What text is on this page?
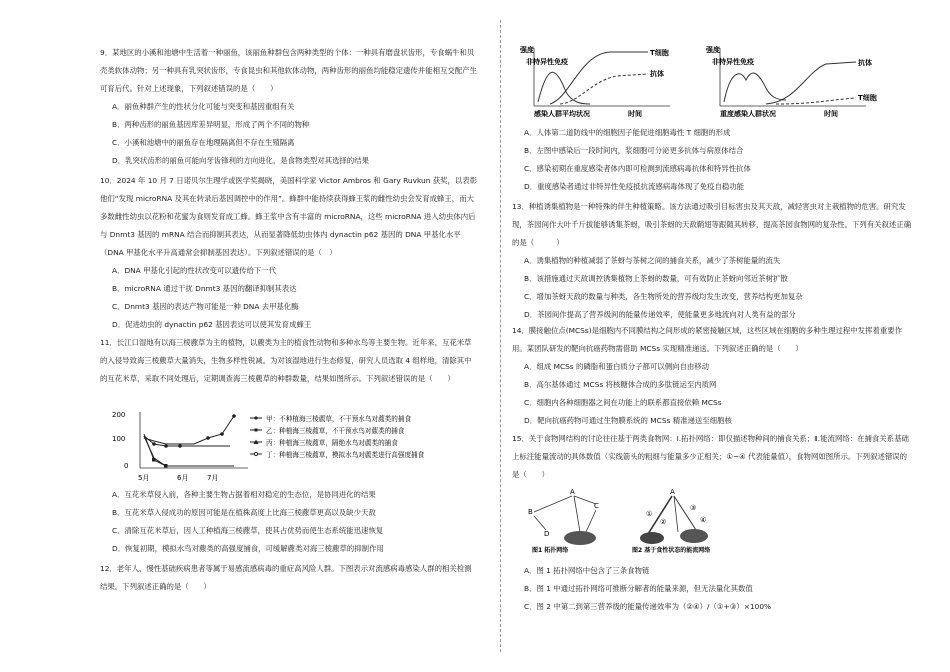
9．某地区的小溪和池塘中生活着一种丽鱼，该丽鱼种群包含两种类型的个体：一种具有磨盘状齿形，专食蜗牛和贝壳类软体动物；另一种具有乳突状齿形，专食昆虫和其他软体动物，两种齿形的丽鱼均能稳定遗传并能相互交配产生可育后代。针对上述现象，下列叙述错误的是（　　）
A．丽鱼种群产生的性状分化可能与突变和基因重组有关
B．两种齿形的丽鱼基因库差异明显，形成了两个不同的物种
C．小溪和池塘中的丽鱼存在地理隔离但不存在生殖隔离
D．乳突状齿形的丽鱼可能向牙齿锋利的方向进化，是食物类型对其选择的结果
10．2024 年 10 月 7 日诺贝尔生理学或医学奖揭晓，美国科学家 Victor Ambros 和 Gary Ruvkun 获奖，以表彰他们“发现 microRNA 及其在转录后基因调控中的作用”。蜂群中能持续获得蜂王浆的雌性幼虫会发育成蜂王，而大多数雌性幼虫以花粉和花蜜为食则发育成工蜂。蜂王浆中含有丰富的 microRNA，这些 microRNA 进入幼虫体内后与 Dnmt3 基因的 mRNA 结合而抑制其表达，从而显著降低幼虫体内 dynactin p62 基因的 DNA 甲基化水平（DNA 甲基化水平升高通常会抑制基因表达）。下列叙述错误的是（　）
A．DNA 甲基化引起的性状改变可以遗传给下一代
B．microRNA 通过干扰 Dnmt3 基因的翻译抑制其表达
C．Dnmt3 基因的表达产物可能是一种 DNA 去甲基化酶
D．促进幼虫的 dynactin p62 基因表达可以使其发育成蜂王
11．长江口湿地有以海三棱藨草为主的植物，以藨类为主的植食性动物和多种水鸟等主要生物。近年来，互花米草的入侵导致海三棱藨草大量消失，生物多样性锐减。为对该湿地进行生态修复，研究人员选取 4 组样地，清除其中的互花米草，采取不同处理后，定期调查海三棱藨草的种群数量，结果如图所示。下列叙述错误的是（　　）
200
100
0
5月	6月	7月
甲：不种植海三棱藨草，不干预水鸟对藨类的捕食
乙：种植海三棱藨草，不干预水鸟对藨类的捕食
丙：种植海三棱藨草，隔绝水鸟对藨类的捕食
丁：种植海三棱藨草，模拟水鸟对藨类进行高强度捕食
A．互花米草侵入前，各种主要生物占据着相对稳定的生态位，是协同进化的结果
B．互花米草入侵成功的原因可能是在植株高度上比海三棱藨草更高以及缺少天敌
C．清除互花米草后，因人工种植海三棱藨草，使其占优势而使生态系统能迅速恢复
D．恢复初期，模拟水鸟对藨类的高强度捕食，可缓解藨类对海三棱藨草的抑制作用
12．老年人、慢性基础疾病患者等属于易感流感病毒的重症高风险人群。下图表示对流感病毒感染人群的相关检测结果。下列叙述正确的是（　　）
强度
非特异性免疫
T细胞
抗体
感染人群平均状况	时间
强度
非特异性免疫	抗体
T细胞
重度感染人群状况	时间
A．人体第二道防线中的细胞因子能促进细胞毒性 T 细胞的形成
B．左图中感染后一段时间内，浆细胞可分泌更多抗体与病原体结合
C．感染初期在重度感染者体内即可检测到流感病毒抗体和特异性抗体
D．重度感染者通过非特异性免疫抵抗流感病毒体现了免疫自稳功能
13．种植诱集植物是一种特殊的伴生种植策略。该方法通过吸引目标害虫及其天敌，减轻害虫对主栽植物的危害。研究发现，茶园间作大叶千斤拔能够诱集茶蚜，吸引茶蚜的天敌鞘翅等跟随其转移，提高茶园食物网的复杂性。下列有关叙述正确的是（　　　）
A．诱集植物的种植减弱了茶蚜与茶树之间的捕食关系，减少了茶树能量的流失
B．该措施通过天敌调控诱集植物上茶蚜的数量，可有效防止茶蚜向邻近茶树扩散
C．增加茶蚜天敌的数量与种类，各生物所处的营养级均发生改变，营养结构更加复杂
D．茶园间作提高了营养级间的能量传递效率，使能量更多地流向对人类有益的部分
14．膜接触位点(MCSs)是细胞内不同膜结构之间形成的紧密接触区域，这些区域在细胞的多种生理过程中发挥着重要作用。某团队研发的靶向抗癌药物需借助 MCSs 实现精准递送。下列叙述正确的是（　　）
A．组成 MCSs 的磷脂和蛋白质分子都可以侧向自由移动
B．高尔基体通过 MCSs 将核糖体合成的多肽链运至内质网
C．细胞内各种细胞器之间在功能上的联系都直接依赖 MCSs
D．靶向抗癌药物可通过生物膜系统的 MCSs 精准递送至细胞核
15．关于食物网结构的讨论往往基于两类食物网：Ⅰ.拓扑网络：即仅描述物种间的捕食关系；Ⅱ.能流网络：在捕食关系基础上标注能量流动的具体数值（实线箭头的粗细与能量多少正相关；①~④ 代表能量值），食物网如图所示。下列叙述错误的是（　　）
A
B
C
D
图1 拓扑网络
A
①
②
③
④
图2 基于食性状态的能流网络
A．图 1 拓扑网络中包含了三条食物链
B．图 1 中通过拓扑网络可推断分解者的能量来源，但无法量化其数值
C．图 2 中第二到第三营养级的能量传递效率为（②④）/（①+③）×100%
